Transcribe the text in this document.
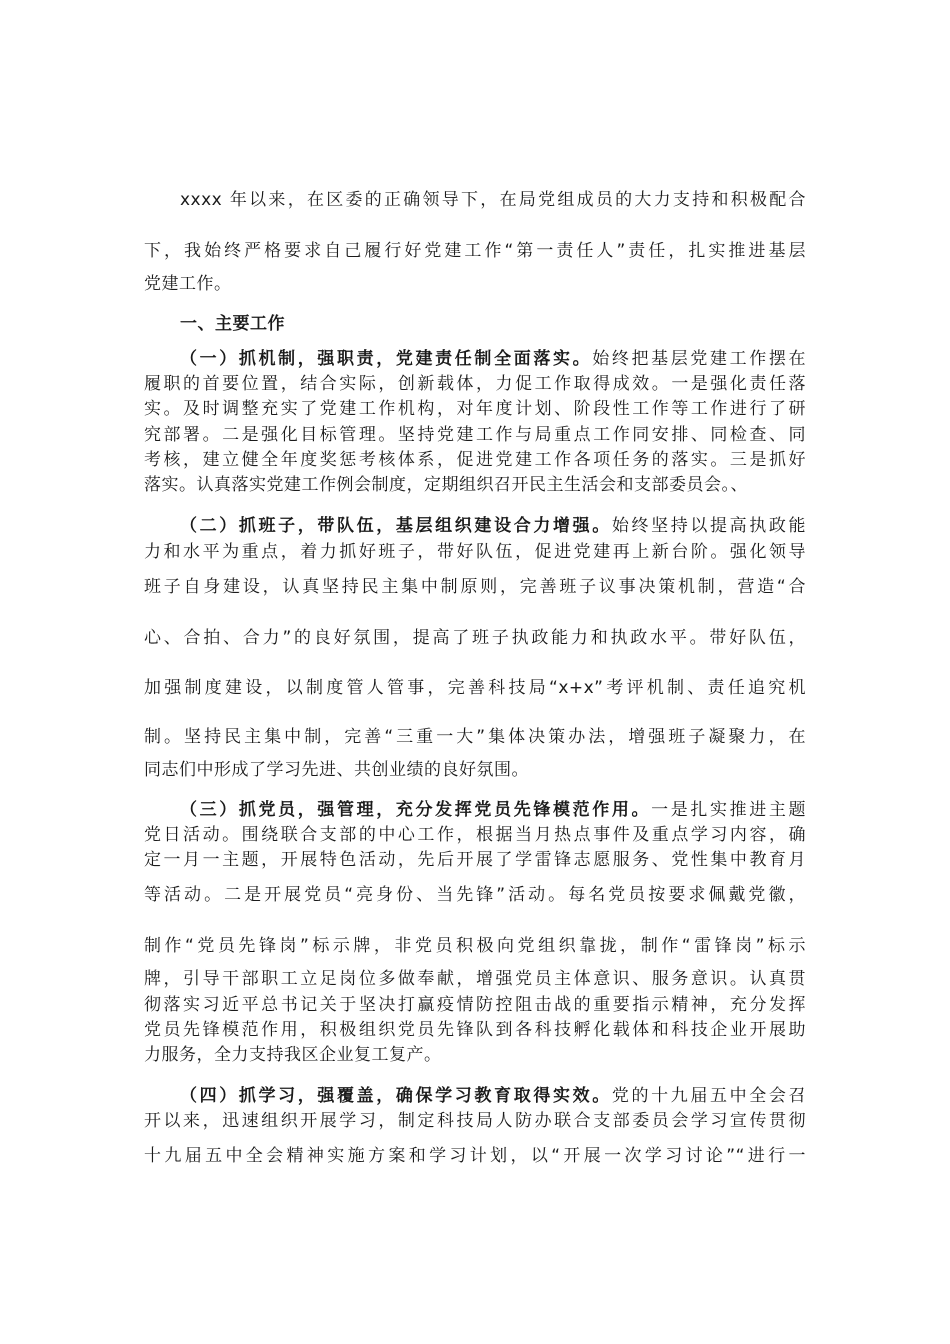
xxxx 年以来，在区委的正确领导下，在局党组成员的大力支持和积极配合
下，我始终严格要求自己履行好党建工作“第一责任人”责任，扎实推进基层
党建工作。
一、主要工作
（一）抓机制，强职责，党建责任制全面落实。始终把基层党建工作摆在
履职的首要位置，结合实际，创新载体，力促工作取得成效。一是强化责任落
实。及时调整充实了党建工作机构，对年度计划、阶段性工作等工作进行了研
究部署。二是强化目标管理。坚持党建工作与局重点工作同安排、同检查、同
考核，建立健全年度奖惩考核体系，促进党建工作各项任务的落实。三是抓好
落实。认真落实党建工作例会制度，定期组织召开民主生活会和支部委员会。、
（二）抓班子，带队伍，基层组织建设合力增强。始终坚持以提高执政能
力和水平为重点，着力抓好班子，带好队伍，促进党建再上新台阶。强化领导
班子自身建设，认真坚持民主集中制原则，完善班子议事决策机制，营造“合
心、合拍、合力”的良好氛围，提高了班子执政能力和执政水平。带好队伍，
加强制度建设，以制度管人管事，完善科技局“x+x”考评机制、责任追究机
制。坚持民主集中制，完善“三重一大”集体决策办法，增强班子凝聚力，在
同志们中形成了学习先进、共创业绩的良好氛围。
（三）抓党员，强管理，充分发挥党员先锋模范作用。一是扎实推进主题
党日活动。围绕联合支部的中心工作，根据当月热点事件及重点学习内容，确
定一月一主题，开展特色活动，先后开展了学雷锋志愿服务、党性集中教育月
等活动。二是开展党员“亮身份、当先锋”活动。每名党员按要求佩戴党徽，
制作“党员先锋岗”标示牌，非党员积极向党组织靠拢，制作“雷锋岗”标示
牌，引导干部职工立足岗位多做奉献，增强党员主体意识、服务意识。认真贯
彻落实习近平总书记关于坚决打赢疫情防控阻击战的重要指示精神，充分发挥
党员先锋模范作用，积极组织党员先锋队到各科技孵化载体和科技企业开展助
力服务，全力支持我区企业复工复产。
（四）抓学习，强覆盖，确保学习教育取得实效。党的十九届五中全会召
开以来，迅速组织开展学习，制定科技局人防办联合支部委员会学习宣传贯彻
十九届五中全会精神实施方案和学习计划，以“开展一次学习讨论”“进行一
